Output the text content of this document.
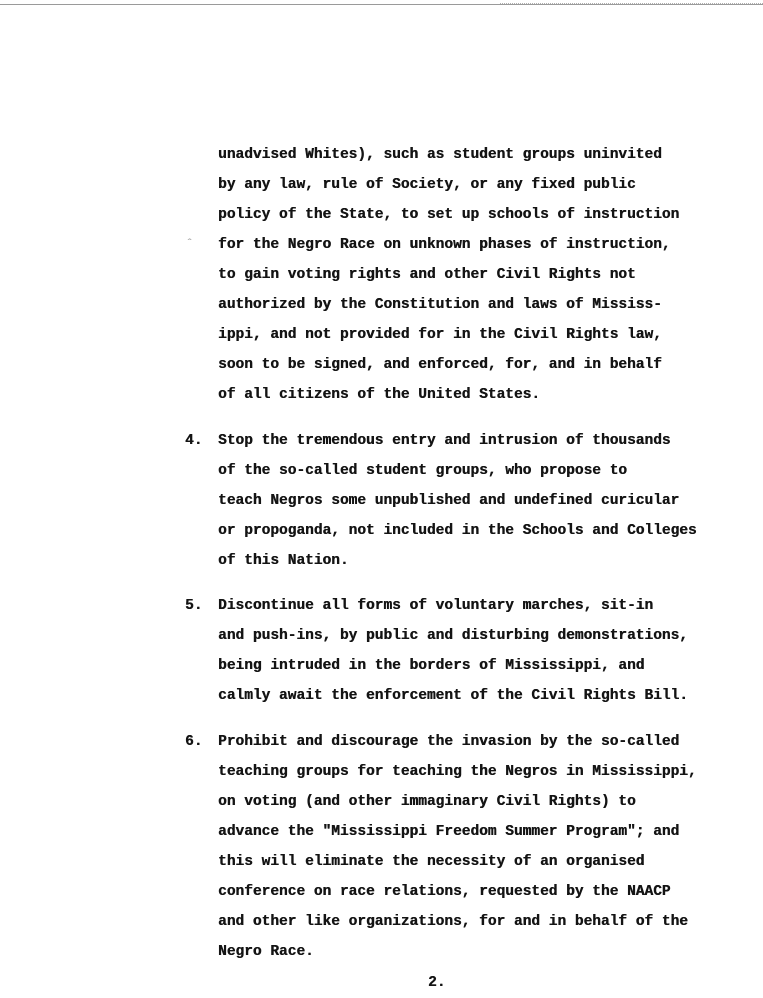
ˆ
unadvised Whites), such as student groups uninvited
by any law, rule of Society, or any fixed public
policy of the State, to set up schools of instruction
for the Negro Race on unknown phases of instruction,
to gain voting rights and other Civil Rights not
authorized by the Constitution and laws of Mississ-
ippi, and not provided for in the Civil Rights law,
soon to be signed, and enforced, for, and in behalf
of all citizens of the United States.
4. Stop the tremendous entry and intrusion of thousands
of the so-called student groups, who propose to
teach Negros some unpublished and undefined curicular
or propoganda, not included in the Schools and Colleges
of this Nation.
5. Discontinue all forms of voluntary marches, sit-in
and push-ins, by public and disturbing demonstrations,
being intruded in the borders of Mississippi, and
calmly await the enforcement of the Civil Rights Bill.
6. Prohibit and discourage the invasion by the so-called
teaching groups for teaching the Negros in Mississippi,
on voting (and other immaginary Civil Rights) to
advance the "Mississippi Freedom Summer Program"; and
this will eliminate the necessity of an organised
conference on race relations, requested by the NAACP
and other like organizations, for and in behalf of the
Negro Race.
2.
